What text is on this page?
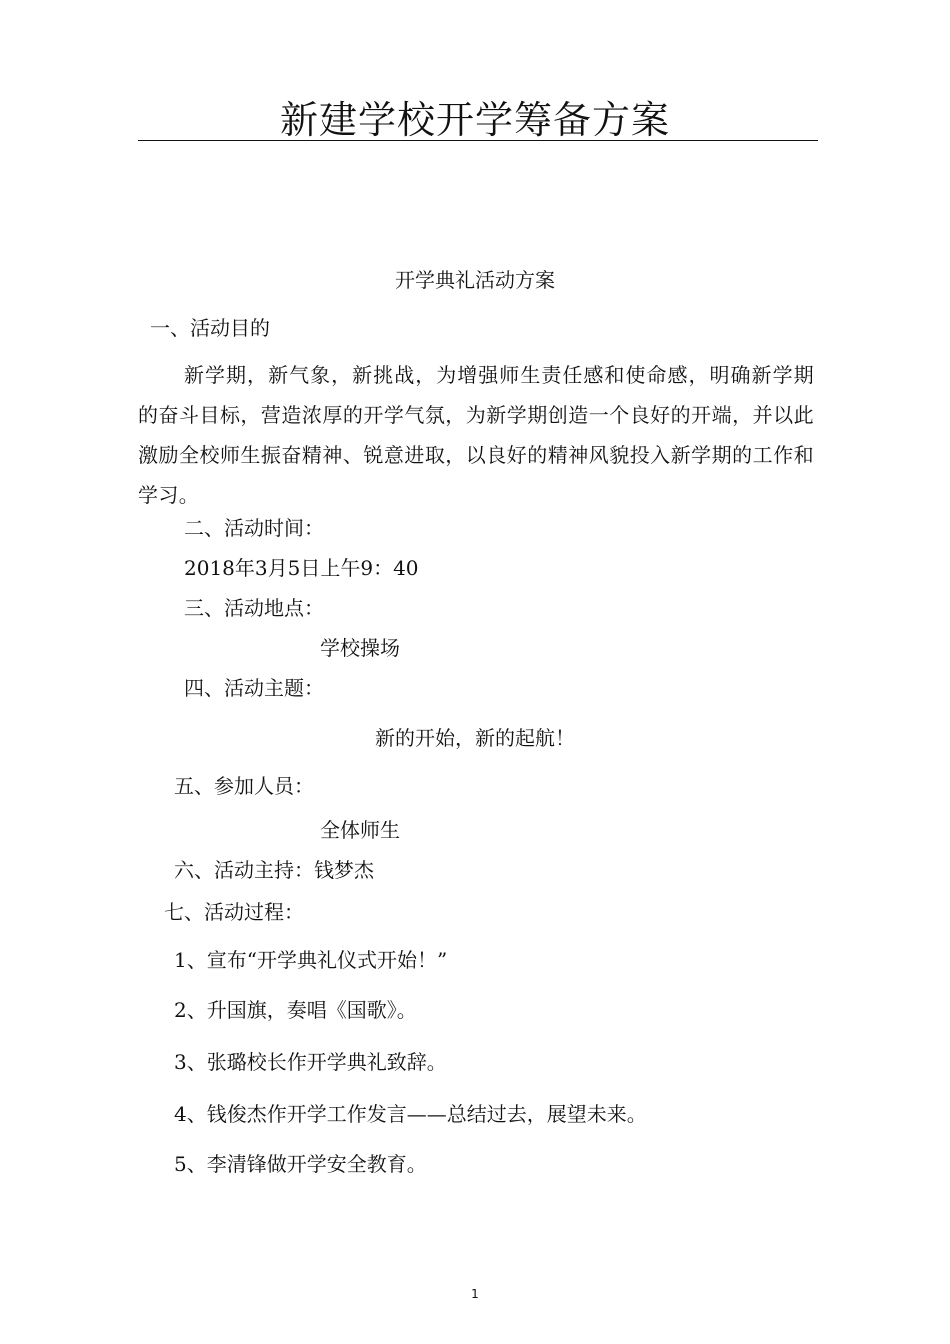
新建学校开学筹备方案
开学典礼活动方案
一、活动目的
新学期，新气象，新挑战，为增强师生责任感和使命感，明确新学期的奋斗目标，营造浓厚的开学气氛，为新学期创造一个良好的开端，并以此激励全校师生振奋精神、锐意进取，以良好的精神风貌投入新学期的工作和学习。
二、活动时间：
2018年3月5日上午9：40
三、活动地点：
学校操场
四、活动主题：
新的开始，新的起航！
五、参加人员：
全体师生
六、活动主持：钱梦杰
七、活动过程：
1、宣布“开学典礼仪式开始！”
2、升国旗，奏唱《国歌》。
3、张璐校长作开学典礼致辞。
4、钱俊杰作开学工作发言——总结过去，展望未来。
5、李清锋做开学安全教育。
1
